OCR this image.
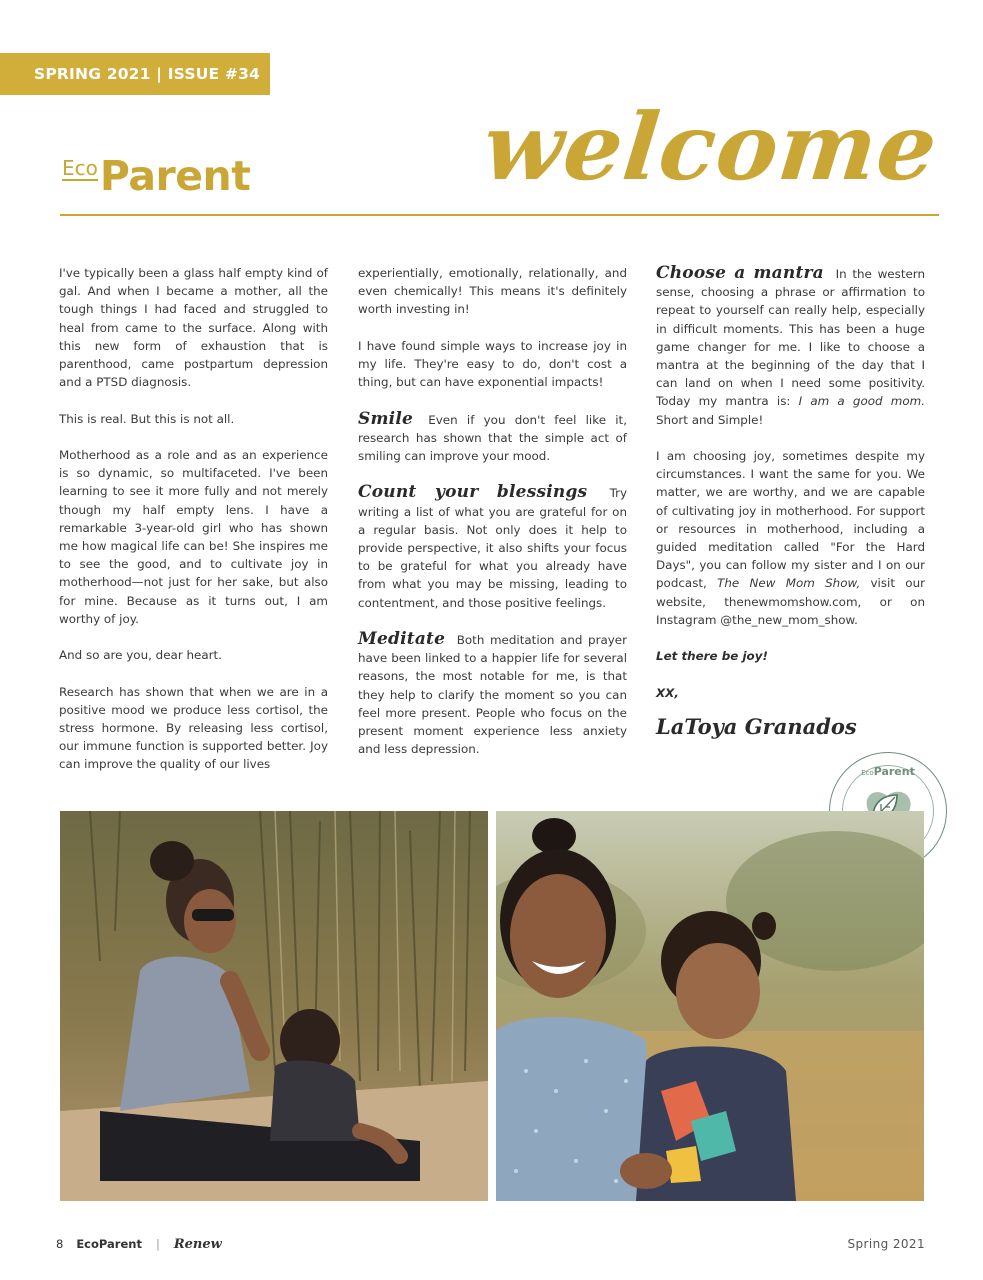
SPRING 2021 | ISSUE #34
Eco Parent welcome

I've typically been a glass half empty kind of gal. And when I became a mother, all the tough things I had faced and struggled to heal from came to the surface. Along with this new form of exhaustion that is parenthood, came postpartum depression and a PTSD diagnosis.

This is real. But this is not all.

Motherhood as a role and as an experience is so dynamic, so multifaceted. I've been learning to see it more fully and not merely though my half empty lens. I have a remarkable 3-year-old girl who has shown me how magical life can be! She inspires me to see the good, and to cultivate joy in motherhood—not just for her sake, but also for mine. Because as it turns out, I am worthy of joy.

And so are you, dear heart.

Research has shown that when we are in a positive mood we produce less cortisol, the stress hormone. By releasing less cortisol, our immune function is supported better. Joy can improve the quality of our lives

experientially, emotionally, relationally, and even chemically! This means it's definitely worth investing in!

I have found simple ways to increase joy in my life. They're easy to do, don't cost a thing, but can have exponential impacts!

Smile Even if you don't feel like it, research has shown that the simple act of smiling can improve your mood.

Count your blessings Try writing a list of what you are grateful for on a regular basis. Not only does it help to provide perspective, it also shifts your focus to be grateful for what you already have from what you may be missing, leading to contentment, and those positive feelings.

Meditate Both meditation and prayer have been linked to a happier life for several reasons, the most notable for me, is that they help to clarify the moment so you can feel more present. People who focus on the present moment experience less anxiety and less depression.

Choose a mantra In the western sense, choosing a phrase or affirmation to repeat to yourself can really help, especially in difficult moments. This has been a huge game changer for me. I like to choose a mantra at the beginning of the day that I can land on when I need some positivity. Today my mantra is: I am a good mom. Short and Simple!

I am choosing joy, sometimes despite my circumstances. I want the same for you. We matter, we are worthy, and we are capable of cultivating joy in motherhood. For support or resources in motherhood, including a guided meditation called "For the Hard Days", you can follow my sister and I on our podcast, The New Mom Show, visit our website, thenewmomshow.com, or on Instagram @the_new_mom_show.

Let there be joy!

XX,

LaToya Granados
EcoParent
8 EcoParent | Renew	Spring 2021
